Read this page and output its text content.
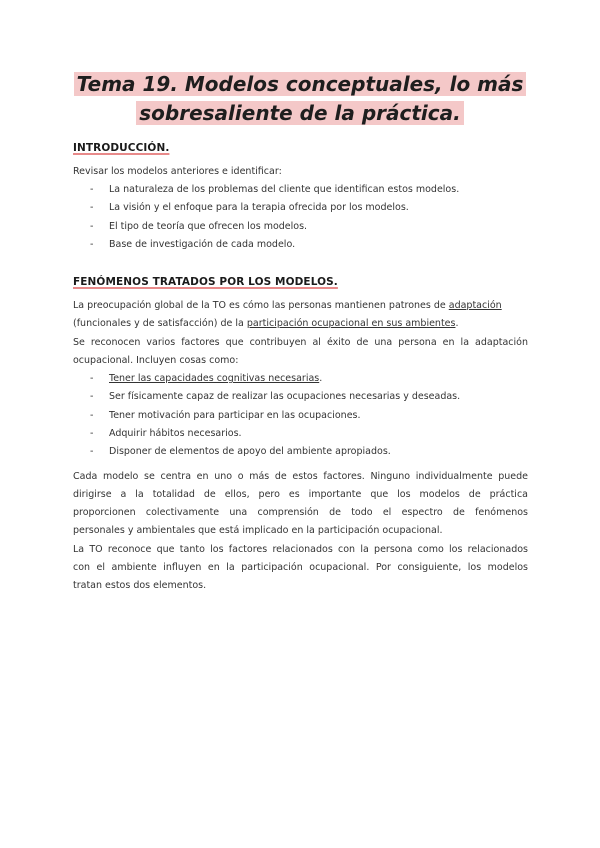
Tema 19. Modelos conceptuales, lo más
sobresaliente de la práctica.
INTRODUCCIÓN.
Revisar los modelos anteriores e identificar:
- La naturaleza de los problemas del cliente que identifican estos modelos.
- La visión y el enfoque para la terapia ofrecida por los modelos.
- El tipo de teoría que ofrecen los modelos.
- Base de investigación de cada modelo.
FENÓMENOS TRATADOS POR LOS MODELOS.
La preocupación global de la TO es cómo las personas mantienen patrones de adaptación
(funcionales y de satisfacción) de la participación ocupacional en sus ambientes.
Se reconocen varios factores que contribuyen al éxito de una persona en la adaptación
ocupacional. Incluyen cosas como:
- Tener las capacidades cognitivas necesarias.
- Ser físicamente capaz de realizar las ocupaciones necesarias y deseadas.
- Tener motivación para participar en las ocupaciones.
- Adquirir hábitos necesarios.
- Disponer de elementos de apoyo del ambiente apropiados.
Cada modelo se centra en uno o más de estos factores. Ninguno individualmente puede
dirigirse a la totalidad de ellos, pero es importante que los modelos de práctica
proporcionen colectivamente una comprensión de todo el espectro de fenómenos
personales y ambientales que está implicado en la participación ocupacional.
La TO reconoce que tanto los factores relacionados con la persona como los relacionados
con el ambiente influyen en la participación ocupacional. Por consiguiente, los modelos
tratan estos dos elementos.
